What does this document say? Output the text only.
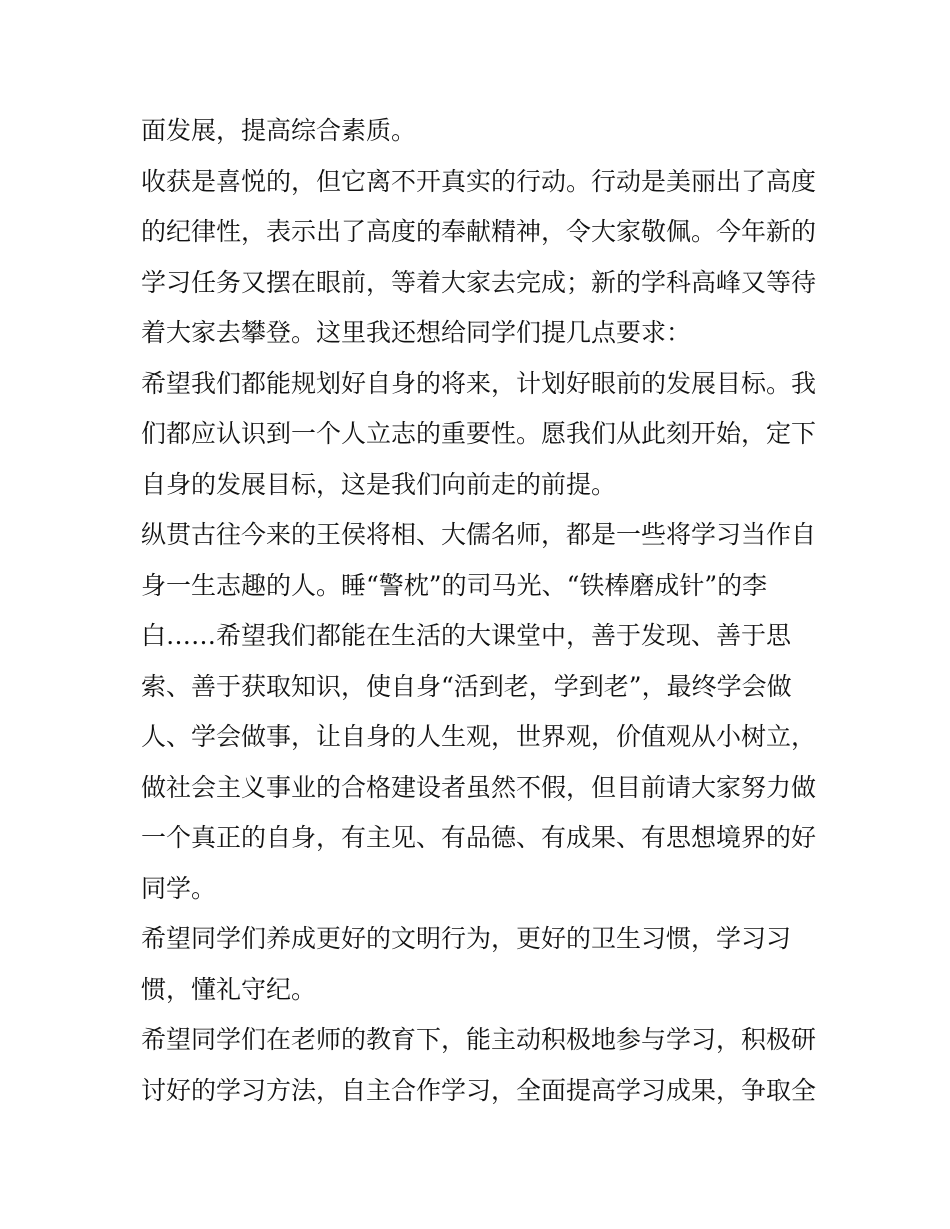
面发展，提高综合素质。
收获是喜悦的，但它离不开真实的行动。行动是美丽出了高度
的纪律性，表示出了高度的奉献精神，令大家敬佩。今年新的
学习任务又摆在眼前，等着大家去完成；新的学科高峰又等待
着大家去攀登。这里我还想给同学们提几点要求：
希望我们都能规划好自身的将来，计划好眼前的发展目标。我
们都应认识到一个人立志的重要性。愿我们从此刻开始，定下
自身的发展目标，这是我们向前走的前提。
纵贯古往今来的王侯将相、大儒名师，都是一些将学习当作自
身一生志趣的人。睡“警枕”的司马光、“铁棒磨成针”的李
白……希望我们都能在生活的大课堂中，善于发现、善于思
索、善于获取知识，使自身“活到老，学到老”，最终学会做
人、学会做事，让自身的人生观，世界观，价值观从小树立，
做社会主义事业的合格建设者虽然不假，但目前请大家努力做
一个真正的自身，有主见、有品德、有成果、有思想境界的好
同学。
希望同学们养成更好的文明行为，更好的卫生习惯，学习习
惯，懂礼守纪。
希望同学们在老师的教育下，能主动积极地参与学习，积极研
讨好的学习方法，自主合作学习，全面提高学习成果，争取全
